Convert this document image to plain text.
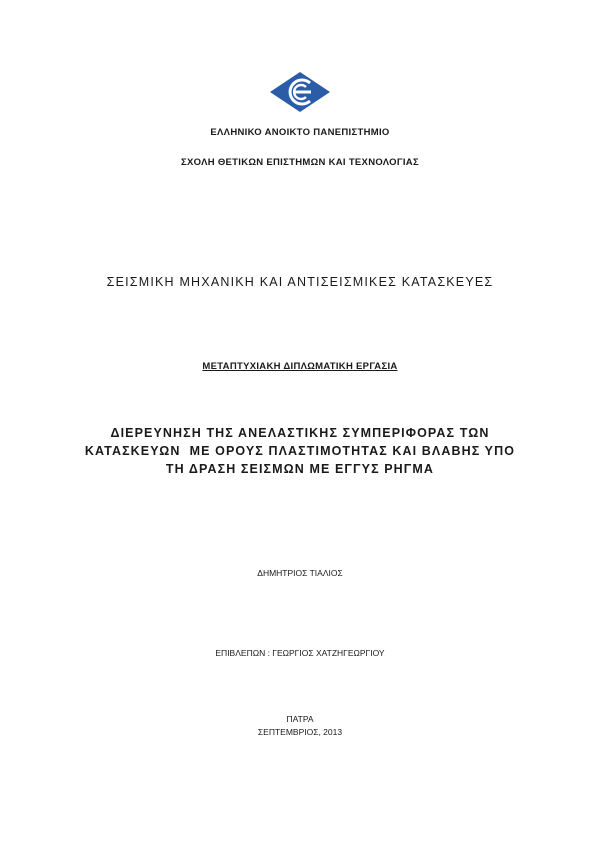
ΕΛΛΗΝΙΚΟ ΑΝΟΙΚΤΟ ΠΑΝΕΠΙΣΤΗΜΙΟ
ΣΧΟΛΗ ΘΕΤΙΚΩΝ ΕΠΙΣΤΗΜΩΝ ΚΑΙ ΤΕΧΝΟΛΟΓΙΑΣ
ΣΕΙΣΜΙΚΗ ΜΗΧΑΝΙΚΗ ΚΑΙ ΑΝΤΙΣΕΙΣΜΙΚΕΣ ΚΑΤΑΣΚΕΥΕΣ
ΜΕΤΑΠΤΥΧΙΑΚΗ ΔΙΠΛΩΜΑΤΙΚΗ ΕΡΓΑΣΙΑ
ΔΙΕΡΕΥΝΗΣΗ ΤΗΣ ΑΝΕΛΑΣΤΙΚΗΣ ΣΥΜΠΕΡΙΦΟΡΑΣ ΤΩΝ
ΚΑΤΑΣΚΕΥΩΝ  ΜΕ ΟΡΟΥΣ ΠΛΑΣΤΙΜΟΤΗΤΑΣ ΚΑΙ ΒΛΑΒΗΣ ΥΠΟ
ΤΗ ΔΡΑΣΗ ΣΕΙΣΜΩΝ ΜΕ ΕΓΓΥΣ ΡΗΓΜΑ
ΔΗΜΗΤΡΙΟΣ ΤΙΑΛΙΟΣ
ΕΠΙΒΛΕΠΩΝ : ΓΕΩΡΓΙΟΣ ΧΑΤΖΗΓΕΩΡΓΙΟΥ
ΠΑΤΡΑ
ΣΕΠΤΕΜΒΡΙΟΣ, 2013
